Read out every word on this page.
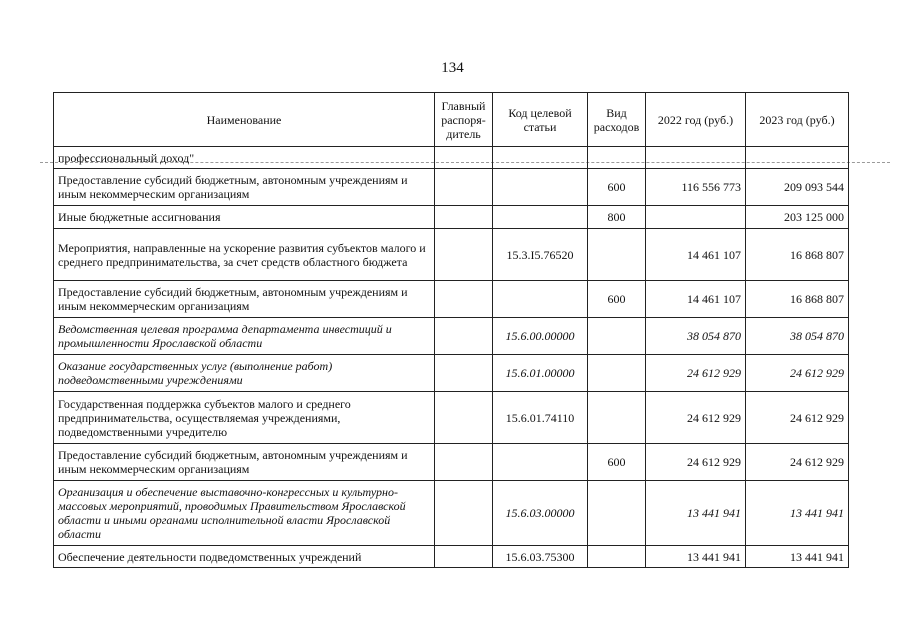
134
Наименование	Главный распоря-дитель	Код целевой статьи	Вид расходов	2022 год (руб.)	2023 год (руб.)
профессиональный доход"					
Предоставление субсидий бюджетным, автономным учреждениям и иным некоммерческим организациям			600	116 556 773	209 093 544
Иные бюджетные ассигнования			800		203 125 000
Мероприятия, направленные на ускорение развития субъектов малого и среднего предпринимательства, за счет средств областного бюджета		15.3.I5.76520		14 461 107	16 868 807
Предоставление субсидий бюджетным, автономным учреждениям и иным некоммерческим организациям			600	14 461 107	16 868 807
Ведомственная целевая программа департамента инвестиций и промышленности Ярославской области		15.6.00.00000		38 054 870	38 054 870
Оказание государственных услуг (выполнение работ) подведомственными учреждениями		15.6.01.00000		24 612 929	24 612 929
Государственная поддержка субъектов малого и среднего предпринимательства, осуществляемая учреждениями, подведомственными учредителю		15.6.01.74110		24 612 929	24 612 929
Предоставление субсидий бюджетным, автономным учреждениям и иным некоммерческим организациям			600	24 612 929	24 612 929
Организация и обеспечение выставочно-конгрессных и культурно-массовых мероприятий, проводимых Правительством Ярославской области и иными органами исполнительной власти Ярославской области		15.6.03.00000		13 441 941	13 441 941
Обеспечение деятельности подведомственных учреждений		15.6.03.75300		13 441 941	13 441 941
